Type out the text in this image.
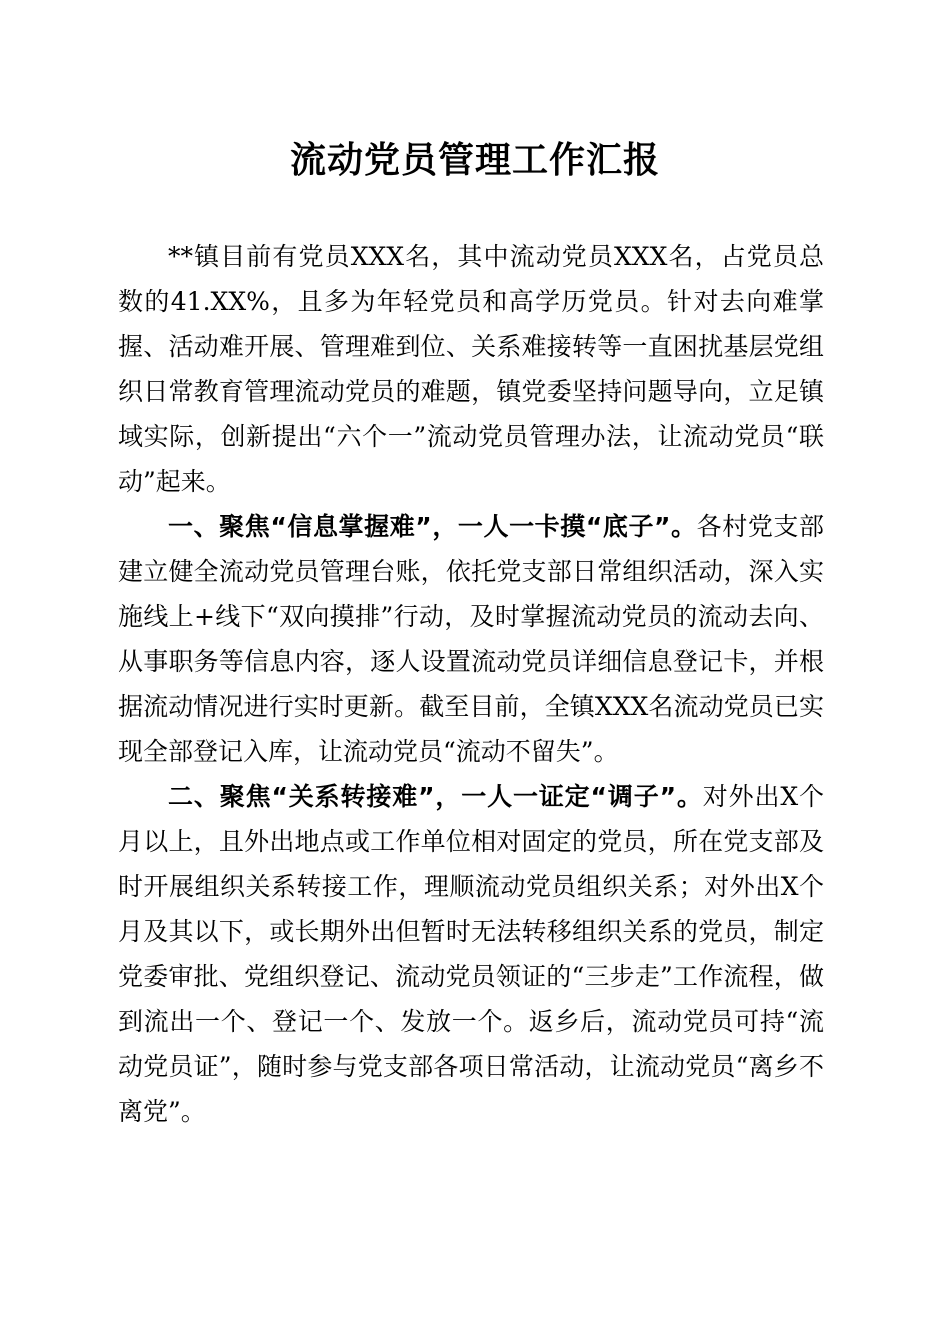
流动党员管理工作汇报

**镇目前有党员XXX名，其中流动党员XXX名，占党员总数的41.XX%，且多为年轻党员和高学历党员。针对去向难掌握、活动难开展、管理难到位、关系难接转等一直困扰基层党组织日常教育管理流动党员的难题，镇党委坚持问题导向，立足镇域实际，创新提出“六个一”流动党员管理办法，让流动党员“联动”起来。

一、聚焦“信息掌握难”，一人一卡摸“底子”。各村党支部建立健全流动党员管理台账，依托党支部日常组织活动，深入实施线上+线下“双向摸排”行动，及时掌握流动党员的流动去向、从事职务等信息内容，逐人设置流动党员详细信息登记卡，并根据流动情况进行实时更新。截至目前，全镇XXX名流动党员已实现全部登记入库，让流动党员“流动不留失”。

二、聚焦“关系转接难”，一人一证定“调子”。对外出X个月以上，且外出地点或工作单位相对固定的党员，所在党支部及时开展组织关系转接工作，理顺流动党员组织关系；对外出X个月及其以下，或长期外出但暂时无法转移组织关系的党员，制定党委审批、党组织登记、流动党员领证的“三步走”工作流程，做到流出一个、登记一个、发放一个。返乡后，流动党员可持“流动党员证”，随时参与党支部各项日常活动，让流动党员“离乡不离党”。
